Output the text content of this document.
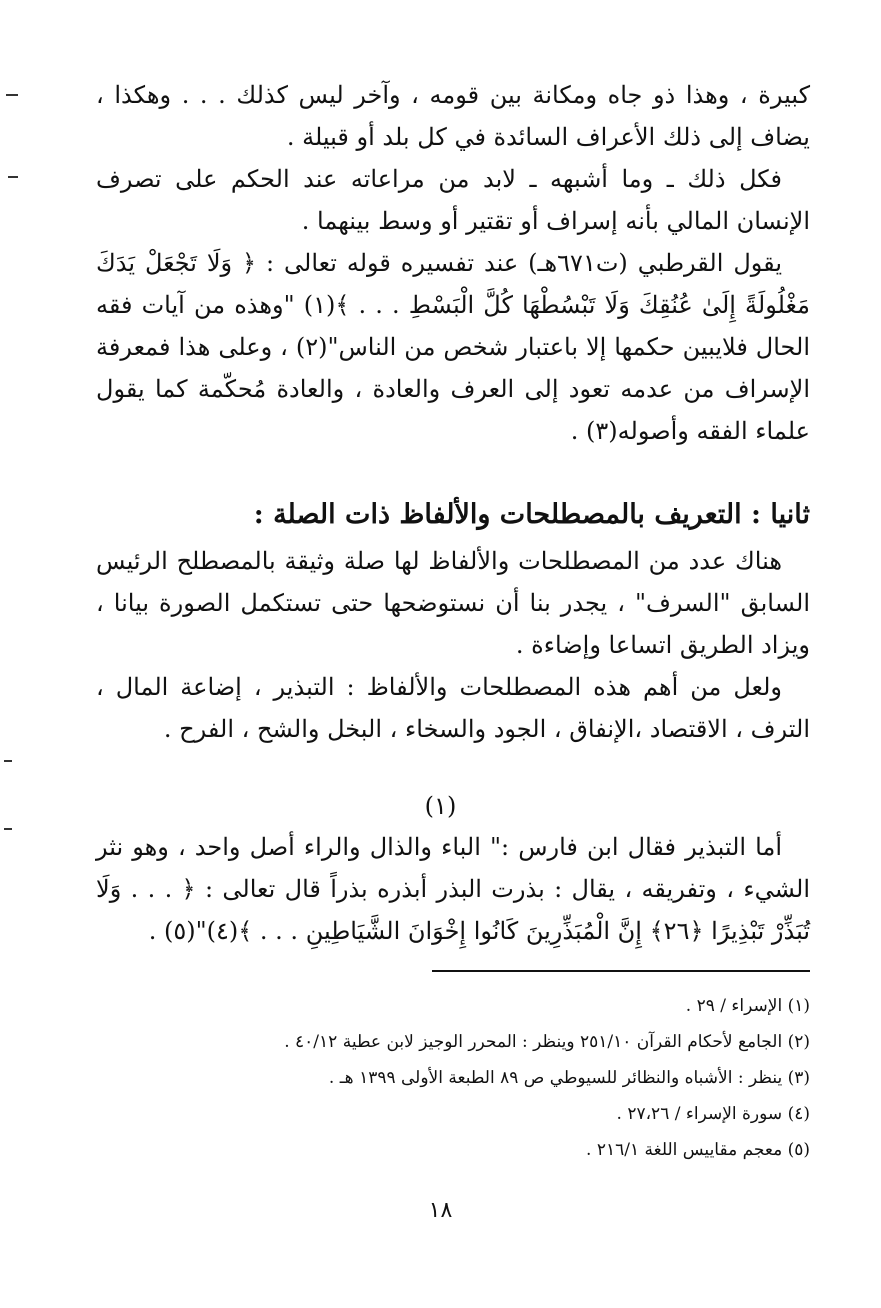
كبيرة ، وهذا ذو جاه ومكانة بين قومه ، وآخر ليس كذلك . . . وهكذا ، يضاف إلى ذلك الأعراف السائدة في كل بلد أو قبيلة .

فكل ذلك ـ وما أشبهه ـ لابد من مراعاته عند الحكم على تصرف الإنسان المالي بأنه إسراف أو تقتير أو وسط بينهما .

يقول القرطبي (ت٦٧١هـ) عند تفسيره قوله تعالى : ﴿ وَلَا تَجْعَلْ يَدَكَ مَغْلُولَةً إِلَىٰ عُنُقِكَ وَلَا تَبْسُطْهَا كُلَّ الْبَسْطِ . . . ﴾(١) "وهذه من آيات فقه الحال فلايبين حكمها إلا باعتبار شخص من الناس"(٢) ، وعلى هذا فمعرفة الإسراف من عدمه تعود إلى العرف والعادة ، والعادة مُحكّمة كما يقول علماء الفقه وأصوله(٣) .

ثانيا : التعريف بالمصطلحات والألفاظ ذات الصلة :

هناك عدد من المصطلحات والألفاظ لها صلة وثيقة بالمصطلح الرئيس السابق "السرف" ، يجدر بنا أن نستوضحها حتى تستكمل الصورة بيانا ، ويزاد الطريق اتساعا وإضاءة .

ولعل من أهم هذه المصطلحات والألفاظ : التبذير ، إضاعة المال ، الترف ، الاقتصاد ،الإنفاق ، الجود والسخاء ، البخل والشح ، الفرح .

(١)

أما التبذير فقال ابن فارس :" الباء والذال والراء أصل واحد ، وهو نثر الشيء ، وتفريقه ، يقال : بذرت البذر أبذره بذراً قال تعالى : ﴿ . . . وَلَا تُبَذِّرْ تَبْذِيرًا ﴿٢٦﴾ إِنَّ الْمُبَذِّرِينَ كَانُوا إِخْوَانَ الشَّيَاطِينِ . . . ﴾(٤)"(٥) .

(١) الإسراء / ٢٩ .

(٢) الجامع لأحكام القرآن ٢٥١/١٠ وينظر : المحرر الوجيز لابن عطية ٤٠/١٢ .

(٣) ينظر : الأشباه والنظائر للسيوطي ص ٨٩ الطبعة الأولى ١٣٩٩ هـ .

(٤) سورة الإسراء / ٢٧،٢٦ .

(٥) معجم مقاييس اللغة ٢١٦/١ .

١٨
